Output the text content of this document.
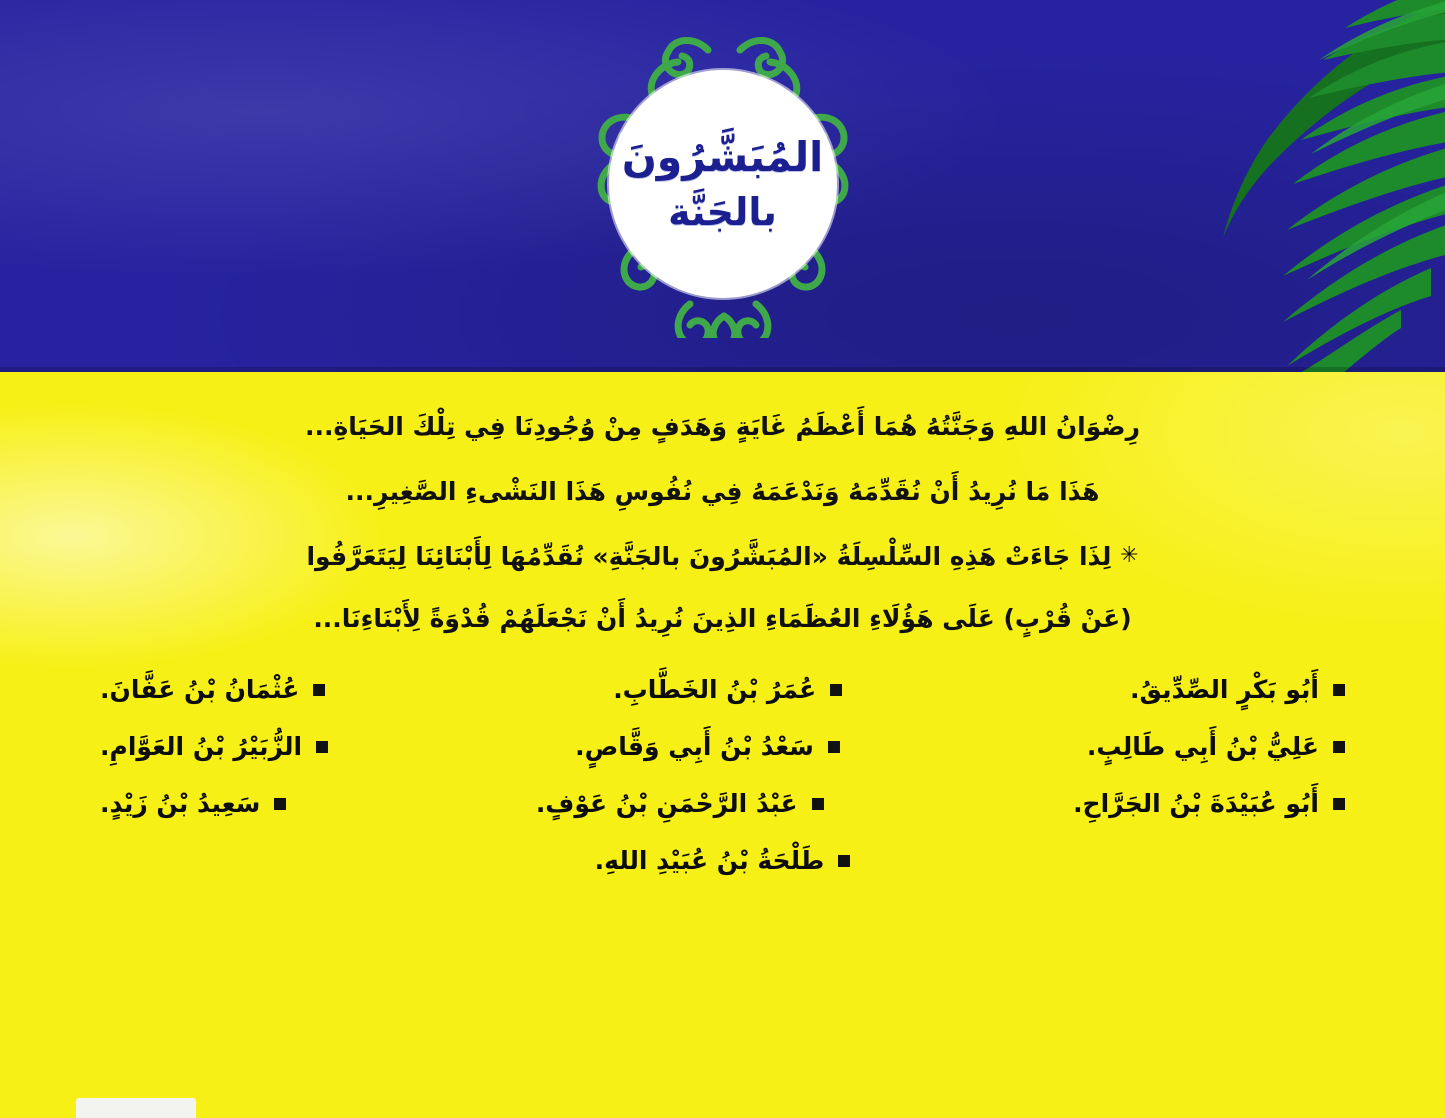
المُبَشَّرُونَ
بالجَنَّة

رِضْوَانُ اللهِ وَجَنَّتُهُ هُمَا أَعْظَمُ غَايَةٍ وَهَدَفٍ مِنْ وُجُودِنَا فِي تِلْكَ الحَيَاةِ...

هَذَا مَا نُرِيدُ أَنْ نُقَدِّمَهُ وَنَدْعَمَهُ فِي نُفُوسِ هَذَا النَشْىءِ الصَّغِيرِ...

✳ لِذَا جَاءَتْ هَذِهِ السِّلْسِلَةُ «المُبَشَّرُونَ بالجَنَّةِ» نُقَدِّمُهَا لِأَبْنَائِنَا لِيَتَعَرَّفُوا

(عَنْ قُرْبٍ) عَلَى هَؤُلَاءِ العُظَمَاءِ الذِينَ نُرِيدُ أَنْ نَجْعَلَهُمْ قُدْوَةً لِأَبْنَاءِنَا...

أَبُو بَكْرٍ الصِّدِّيقُ.
عُمَرُ بْنُ الخَطَّابِ.
عُثْمَانُ بْنُ عَفَّانَ.
عَلِيُّ بْنُ أَبِي طَالِبٍ.
سَعْدُ بْنُ أَبِي وَقَّاصٍ.
الزُّبَيْرُ بْنُ العَوَّامِ.
أَبُو عُبَيْدَةَ بْنُ الجَرَّاحِ.
عَبْدُ الرَّحْمَنِ بْنُ عَوْفٍ.
سَعِيدُ بْنُ زَيْدٍ.
طَلْحَةُ بْنُ عُبَيْدِ اللهِ.
